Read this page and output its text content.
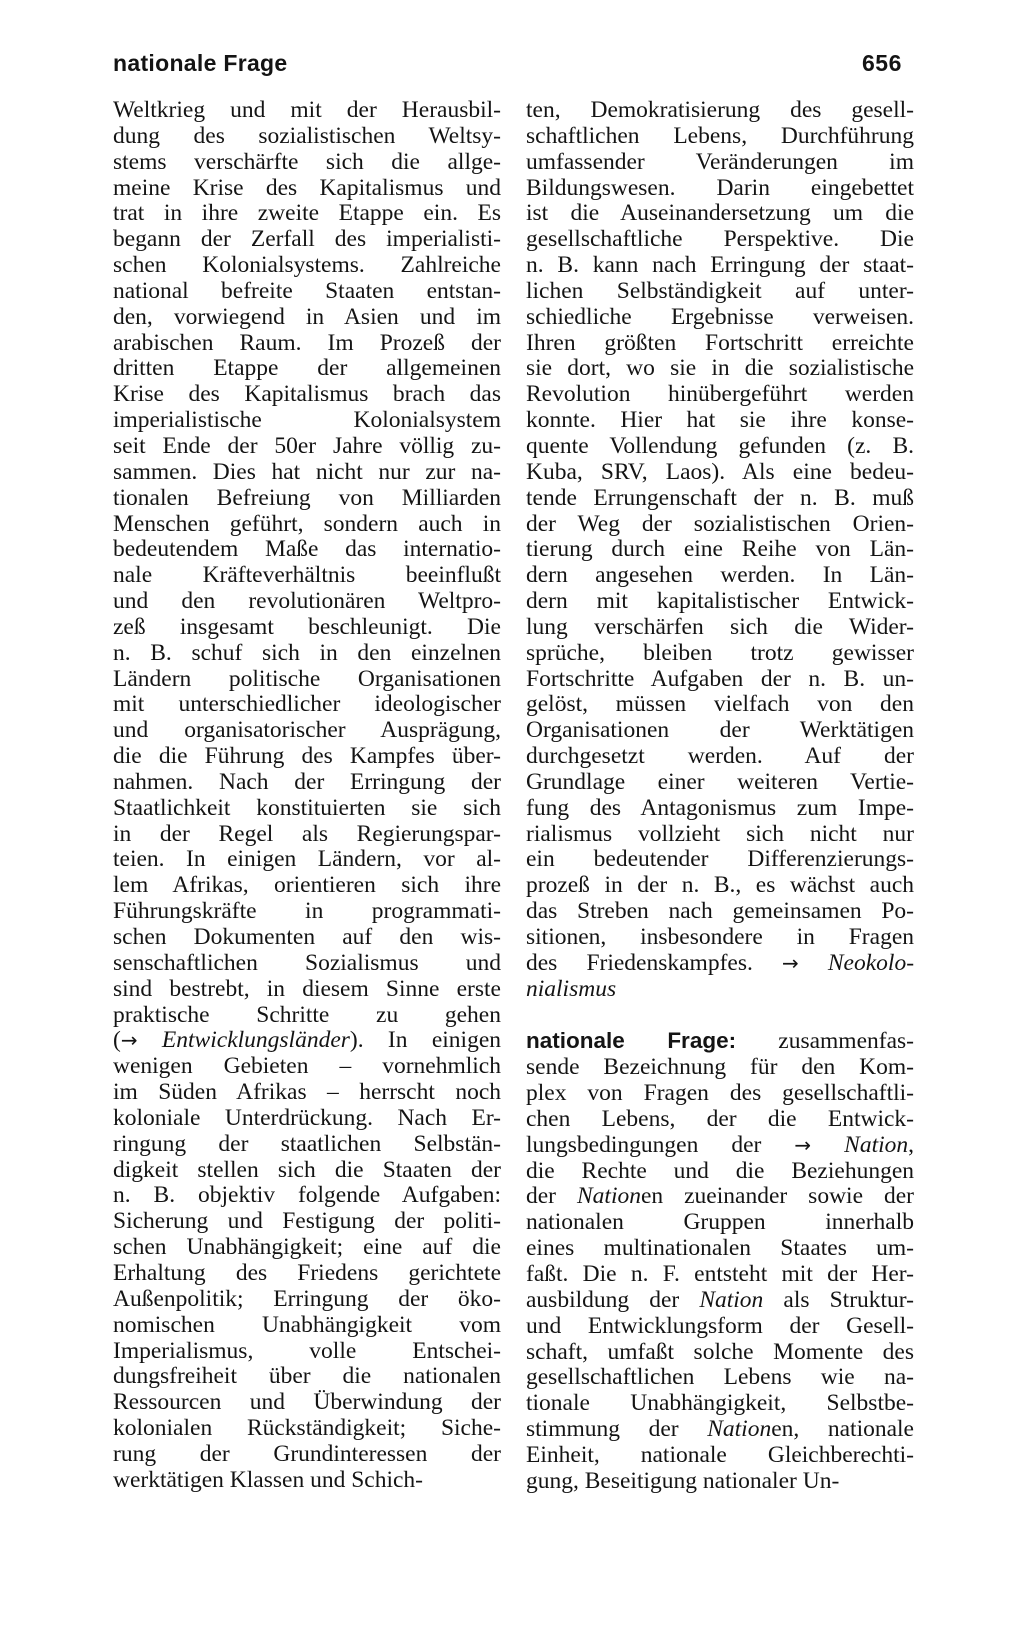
nationale Frage	656
Weltkrieg und mit der Herausbil-
dung des sozialistischen Weltsy-
stems verschärfte sich die allge-
meine Krise des Kapitalismus und
trat in ihre zweite Etappe ein. Es
begann der Zerfall des imperialisti-
schen Kolonialsystems. Zahlreiche
national befreite Staaten entstan-
den, vorwiegend in Asien und im
arabischen Raum. Im Prozeß der
dritten Etappe der allgemeinen
Krise des Kapitalismus brach das
imperialistische Kolonialsystem
seit Ende der 50er Jahre völlig zu-
sammen. Dies hat nicht nur zur na-
tionalen Befreiung von Milliarden
Menschen geführt, sondern auch in
bedeutendem Maße das internatio-
nale Kräfteverhältnis beeinflußt
und den revolutionären Weltpro-
zeß insgesamt beschleunigt. Die
n. B. schuf sich in den einzelnen
Ländern politische Organisationen
mit unterschiedlicher ideologischer
und organisatorischer Ausprägung,
die die Führung des Kampfes über-
nahmen. Nach der Erringung der
Staatlichkeit konstituierten sie sich
in der Regel als Regierungspar-
teien. In einigen Ländern, vor al-
lem Afrikas, orientieren sich ihre
Führungskräfte in programmati-
schen Dokumenten auf den wis-
senschaftlichen Sozialismus und
sind bestrebt, in diesem Sinne erste
praktische Schritte zu gehen
(→ Entwicklungsländer). In einigen
wenigen Gebieten – vornehmlich
im Süden Afrikas – herrscht noch
koloniale Unterdrückung. Nach Er-
ringung der staatlichen Selbstän-
digkeit stellen sich die Staaten der
n. B. objektiv folgende Aufgaben:
Sicherung und Festigung der politi-
schen Unabhängigkeit; eine auf die
Erhaltung des Friedens gerichtete
Außenpolitik; Erringung der öko-
nomischen Unabhängigkeit vom
Imperialismus, volle Entschei-
dungsfreiheit über die nationalen
Ressourcen und Überwindung der
kolonialen Rückständigkeit; Siche-
rung der Grundinteressen der
werktätigen Klassen und Schich-

ten, Demokratisierung des gesell-
schaftlichen Lebens, Durchführung
umfassender Veränderungen im
Bildungswesen. Darin eingebettet
ist die Auseinandersetzung um die
gesellschaftliche Perspektive. Die
n. B. kann nach Erringung der staat-
lichen Selbständigkeit auf unter-
schiedliche Ergebnisse verweisen.
Ihren größten Fortschritt erreichte
sie dort, wo sie in die sozialistische
Revolution hinübergeführt werden
konnte. Hier hat sie ihre konse-
quente Vollendung gefunden (z. B.
Kuba, SRV, Laos). Als eine bedeu-
tende Errungenschaft der n. B. muß
der Weg der sozialistischen Orien-
tierung durch eine Reihe von Län-
dern angesehen werden. In Län-
dern mit kapitalistischer Entwick-
lung verschärfen sich die Wider-
sprüche, bleiben trotz gewisser
Fortschritte Aufgaben der n. B. un-
gelöst, müssen vielfach von den
Organisationen der Werktätigen
durchgesetzt werden. Auf der
Grundlage einer weiteren Vertie-
fung des Antagonismus zum Impe-
rialismus vollzieht sich nicht nur
ein bedeutender Differenzierungs-
prozeß in der n. B., es wächst auch
das Streben nach gemeinsamen Po-
sitionen, insbesondere in Fragen
des Friedenskampfes. → Neokolo-
nialismus

nationale Frage: zusammenfas-
sende Bezeichnung für den Kom-
plex von Fragen des gesellschaftli-
chen Lebens, der die Entwick-
lungsbedingungen der → Nation,
die Rechte und die Beziehungen
der Nationen zueinander sowie der
nationalen Gruppen innerhalb
eines multinationalen Staates um-
faßt. Die n. F. entsteht mit der Her-
ausbildung der Nation als Struktur-
und Entwicklungsform der Gesell-
schaft, umfaßt solche Momente des
gesellschaftlichen Lebens wie na-
tionale Unabhängigkeit, Selbstbe-
stimmung der Nationen, nationale
Einheit, nationale Gleichberechti-
gung, Beseitigung nationaler Un-
